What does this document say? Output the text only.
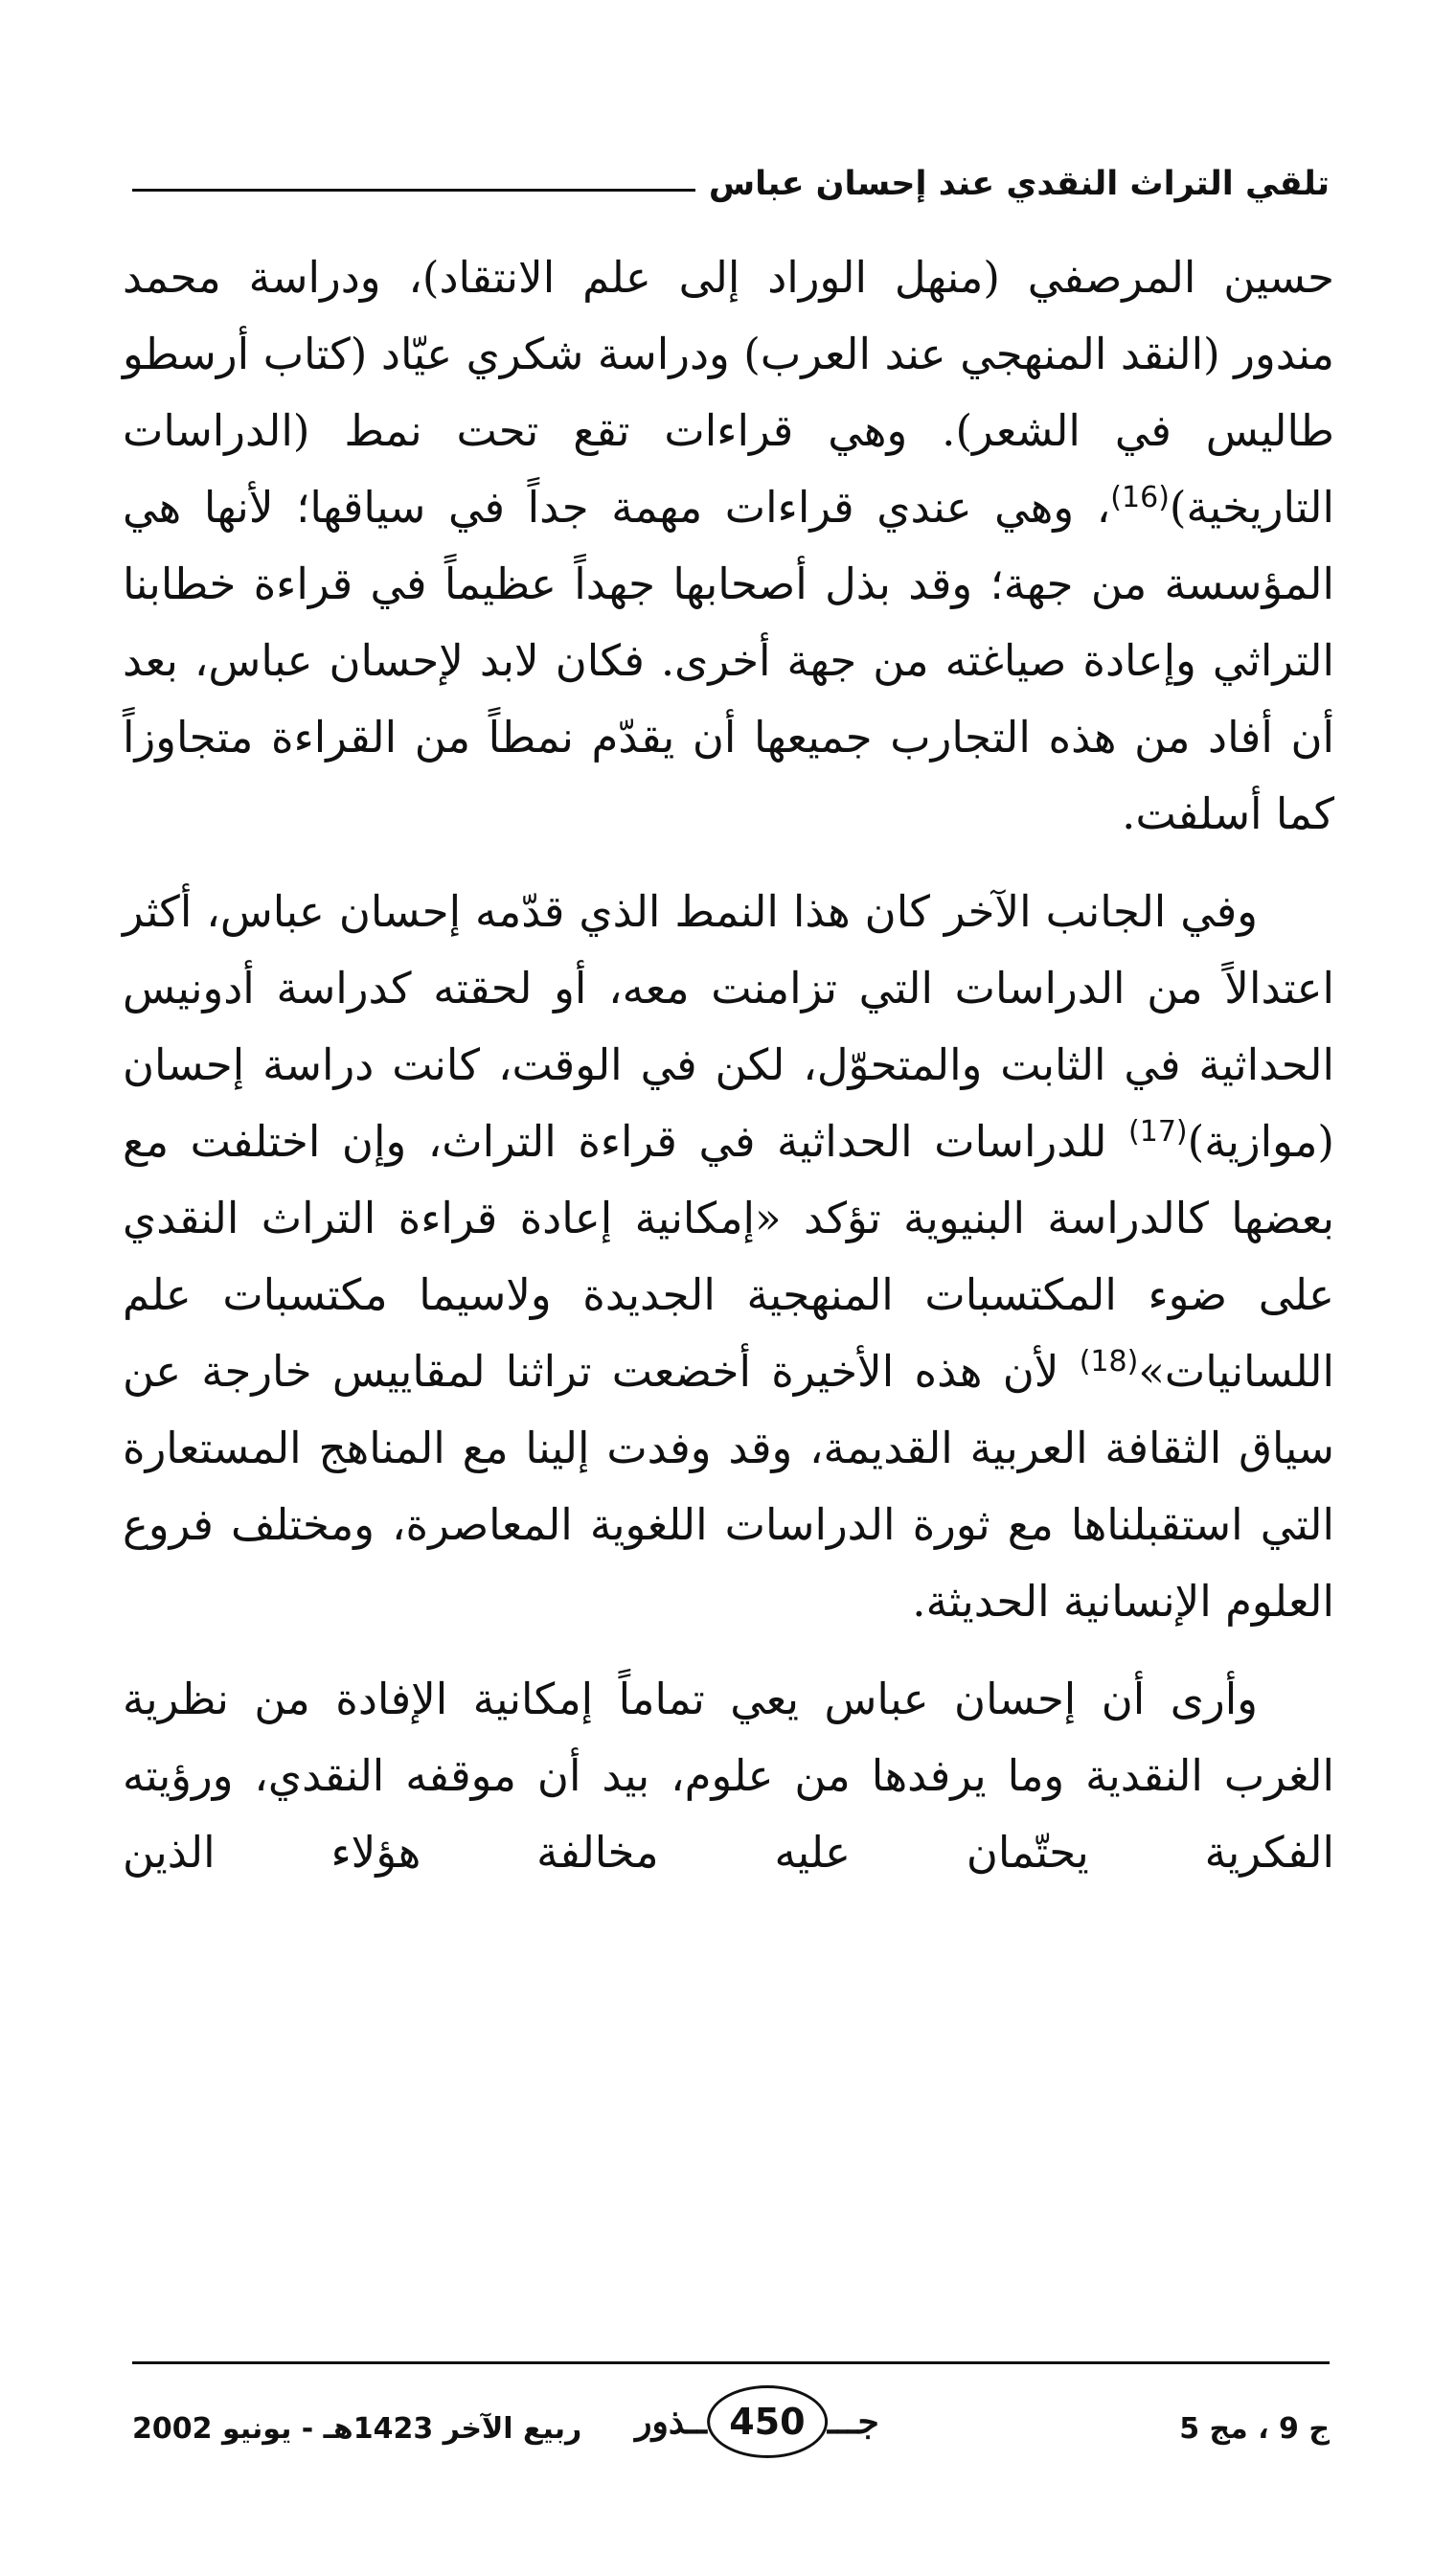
تلقي التراث النقدي عند إحسان عباس

حسين المرصفي (منهل الوراد إلى علم الانتقاد)، ودراسة محمد مندور (النقد المنهجي عند العرب) ودراسة شكري عيّاد (كتاب أرسطو طاليس في الشعر). وهي قراءات تقع تحت نمط (الدراسات التاريخية)$^{(16)}$، وهي عندي قراءات مهمة جداً في سياقها؛ لأنها هي المؤسسة من جهة؛ وقد بذل أصحابها جهداً عظيماً في قراءة خطابنا التراثي وإعادة صياغته من جهة أخرى. فكان لابد لإحسان عباس، بعد أن أفاد من هذه التجارب جميعها أن يقدّم نمطاً من القراءة متجاوزاً كما أسلفت.

وفي الجانب الآخر كان هذا النمط الذي قدّمه إحسان عباس، أكثر اعتدالاً من الدراسات التي تزامنت معه، أو لحقته كدراسة أدونيس الحداثية في الثابت والمتحوّل، لكن في الوقت، كانت دراسة إحسان (موازية)$^{(17)}$ للدراسات الحداثية في قراءة التراث، وإن اختلفت مع بعضها كالدراسة البنيوية تؤكد «إمكانية إعادة قراءة التراث النقدي على ضوء المكتسبات المنهجية الجديدة ولاسيما مكتسبات علم اللسانيات»$^{(18)}$ لأن هذه الأخيرة أخضعت تراثنا لمقاييس خارجة عن سياق الثقافة العربية القديمة، وقد وفدت إلينا مع المناهج المستعارة التي استقبلناها مع ثورة الدراسات اللغوية المعاصرة، ومختلف فروع العلوم الإنسانية الحديثة.

وأرى أن إحسان عباس يعي تماماً إمكانية الإفادة من نظرية الغرب النقدية وما يرفدها من علوم، بيد أن موقفه النقدي، ورؤيته الفكرية يحتّمان عليه مخالفة هؤلاء الذين

ج 9 ، مج 5
جـــ
450
ــذور
ربيع الآخر 1423هـ - يونيو 2002
